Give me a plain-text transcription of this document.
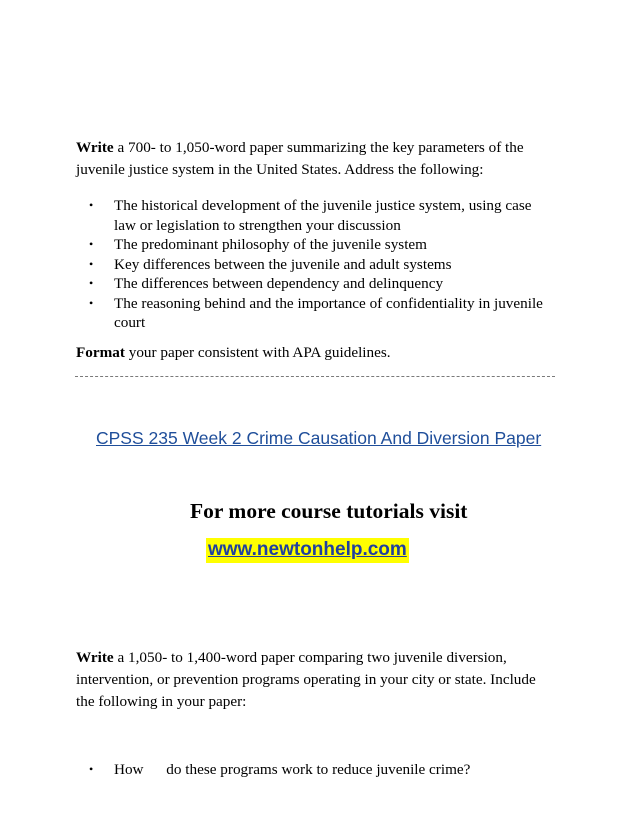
Write a 700- to 1,050-word paper summarizing the key parameters of the juvenile justice system in the United States. Address the following:

• The historical development of the juvenile justice system, using case law or legislation to strengthen your discussion
• The predominant philosophy of the juvenile system
• Key differences between the juvenile and adult systems
• The differences between dependency and delinquency
• The reasoning behind and the importance of confidentiality in juvenile court

Format your paper consistent with APA guidelines.

CPSS 235 Week 2 Crime Causation And Diversion Paper
For more course tutorials visit
www.newtonhelp.com

Write a 1,050- to 1,400-word paper comparing two juvenile diversion, intervention, or prevention programs operating in your city or state. Include the following in your paper:

• How      do these programs work to reduce juvenile crime?
